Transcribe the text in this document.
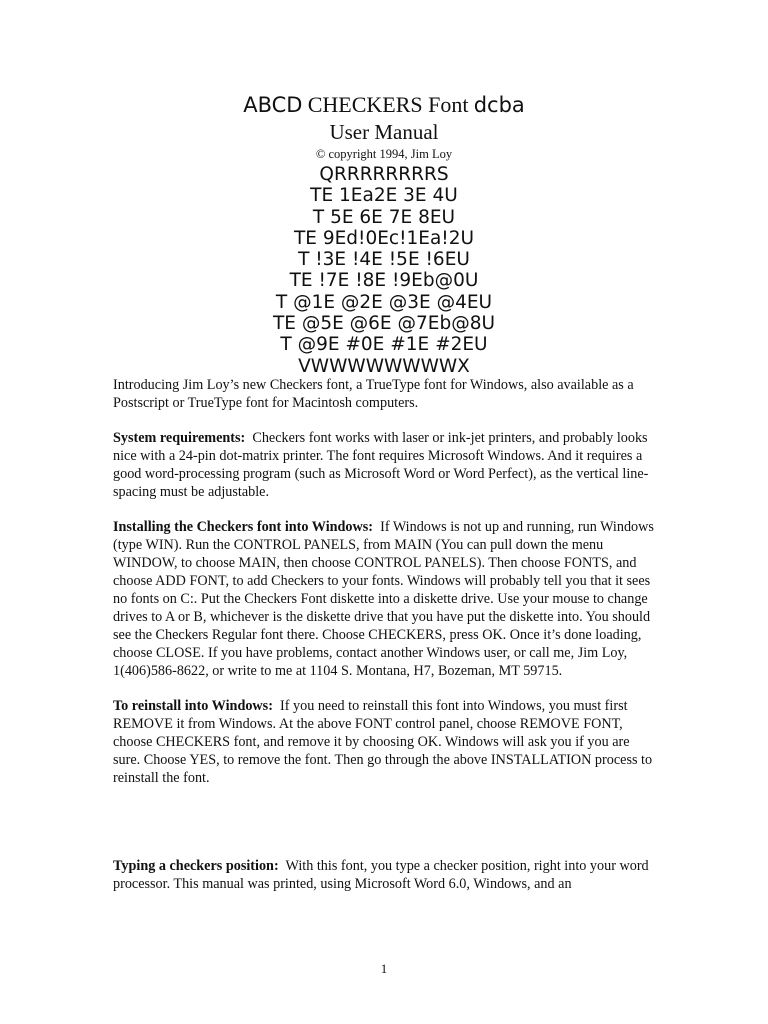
ABCD CHECKERS Font dcba
User Manual
© copyright 1994, Jim Loy
QRRRRRRRRS
TE 1Ea2E 3E 4U
T 5E 6E 7E 8EU
TE 9Ed!0Ec!1Ea!2U
T !3E !4E !5E !6EU
TE !7E !8E !9Eb@0U
T @1E @2E @3E @4EU
TE @5E @6E @7Eb@8U
T @9E #0E #1E #2EU
VWWWWWWWWX

Introducing Jim Loy’s new Checkers font, a TrueType font for Windows, also available as a Postscript or TrueType font for Macintosh computers.

System requirements: Checkers font works with laser or ink-jet printers, and probably looks nice with a 24-pin dot-matrix printer. The font requires Microsoft Windows. And it requires a good word-processing program (such as Microsoft Word or Word Perfect), as the vertical line-spacing must be adjustable.

Installing the Checkers font into Windows: If Windows is not up and running, run Windows (type WIN). Run the CONTROL PANELS, from MAIN (You can pull down the menu WINDOW, to choose MAIN, then choose CONTROL PANELS). Then choose FONTS, and choose ADD FONT, to add Checkers to your fonts. Windows will probably tell you that it sees no fonts on C:. Put the Checkers Font diskette into a diskette drive. Use your mouse to change drives to A or B, whichever is the diskette drive that you have put the diskette into. You should see the Checkers Regular font there. Choose CHECKERS, press OK. Once it’s done loading, choose CLOSE. If you have problems, contact another Windows user, or call me, Jim Loy, 1(406)586-8622, or write to me at 1104 S. Montana, H7, Bozeman, MT 59715.

To reinstall into Windows: If you need to reinstall this font into Windows, you must first REMOVE it from Windows. At the above FONT control panel, choose REMOVE FONT, choose CHECKERS font, and remove it by choosing OK. Windows will ask you if you are sure. Choose YES, to remove the font. Then go through the above INSTALLATION process to reinstall the font.

Typing a checkers position: With this font, you type a checker position, right into your word processor. This manual was printed, using Microsoft Word 6.0, Windows, and an

1
